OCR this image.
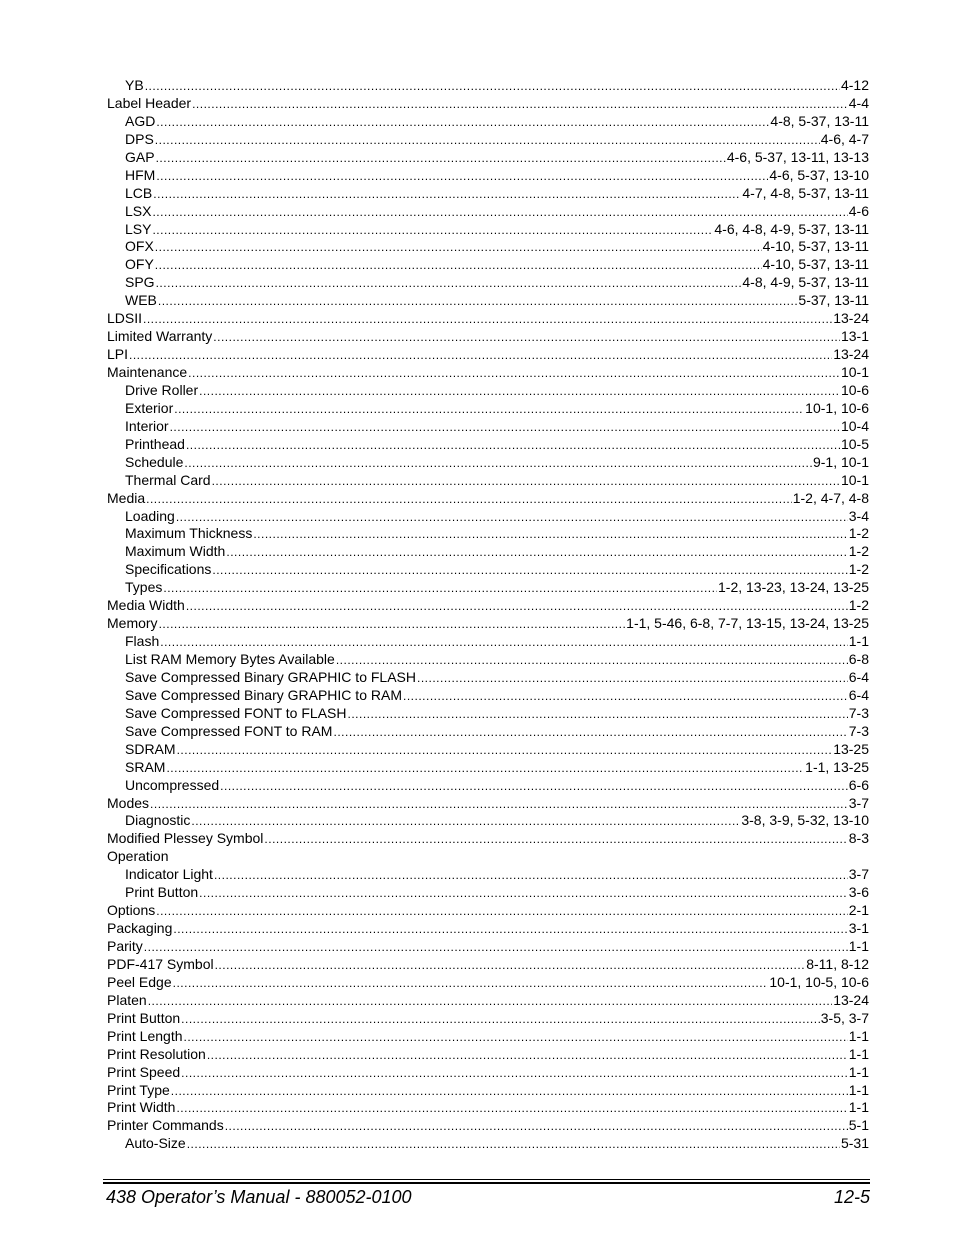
YB .....	4-12
Label Header .....	4-4
AGD .....	4-8, 5-37, 13-11
DPS .....	4-6, 4-7
GAP .....	4-6, 5-37, 13-11, 13-13
HFM .....	4-6, 5-37, 13-10
LCB .....	4-7, 4-8, 5-37, 13-11
LSX .....	4-6
LSY .....	4-6, 4-8, 4-9, 5-37, 13-11
OFX .....	4-10, 5-37, 13-11
OFY .....	4-10, 5-37, 13-11
SPG .....	4-8, 4-9, 5-37, 13-11
WEB .....	5-37, 13-11
LDSII .....	13-24
Limited Warranty .....	13-1
LPI .....	13-24
Maintenance .....	10-1
Drive Roller .....	10-6
Exterior .....	10-1, 10-6
Interior .....	10-4
Printhead .....	10-5
Schedule .....	9-1, 10-1
Thermal Card .....	10-1
Media .....	1-2, 4-7, 4-8
Loading .....	3-4
Maximum Thickness .....	1-2
Maximum Width .....	1-2
Specifications .....	1-2
Types .....	1-2, 13-23, 13-24, 13-25
Media Width .....	1-2
Memory .....	1-1, 5-46, 6-8, 7-7, 13-15, 13-24, 13-25
Flash .....	1-1
List RAM Memory Bytes Available .....	6-8
Save Compressed Binary GRAPHIC to FLASH .....	6-4
Save Compressed Binary GRAPHIC to RAM .....	6-4
Save Compressed FONT to FLASH .....	7-3
Save Compressed FONT to RAM .....	7-3
SDRAM .....	13-25
SRAM .....	1-1, 13-25
Uncompressed .....	6-6
Modes .....	3-7
Diagnostic .....	3-8, 3-9, 5-32, 13-10
Modified Plessey Symbol .....	8-3
Operation
Indicator Light .....	3-7
Print Button .....	3-6
Options .....	2-1
Packaging .....	3-1
Parity .....	1-1
PDF-417 Symbol .....	8-11, 8-12
Peel Edge .....	10-1, 10-5, 10-6
Platen .....	13-24
Print Button .....	3-5, 3-7
Print Length .....	1-1
Print Resolution .....	1-1
Print Speed .....	1-1
Print Type .....	1-1
Print Width .....	1-1
Printer Commands .....	5-1
Auto-Size .....	5-31
438 Operator’s Manual - 880052-0100	12-5
